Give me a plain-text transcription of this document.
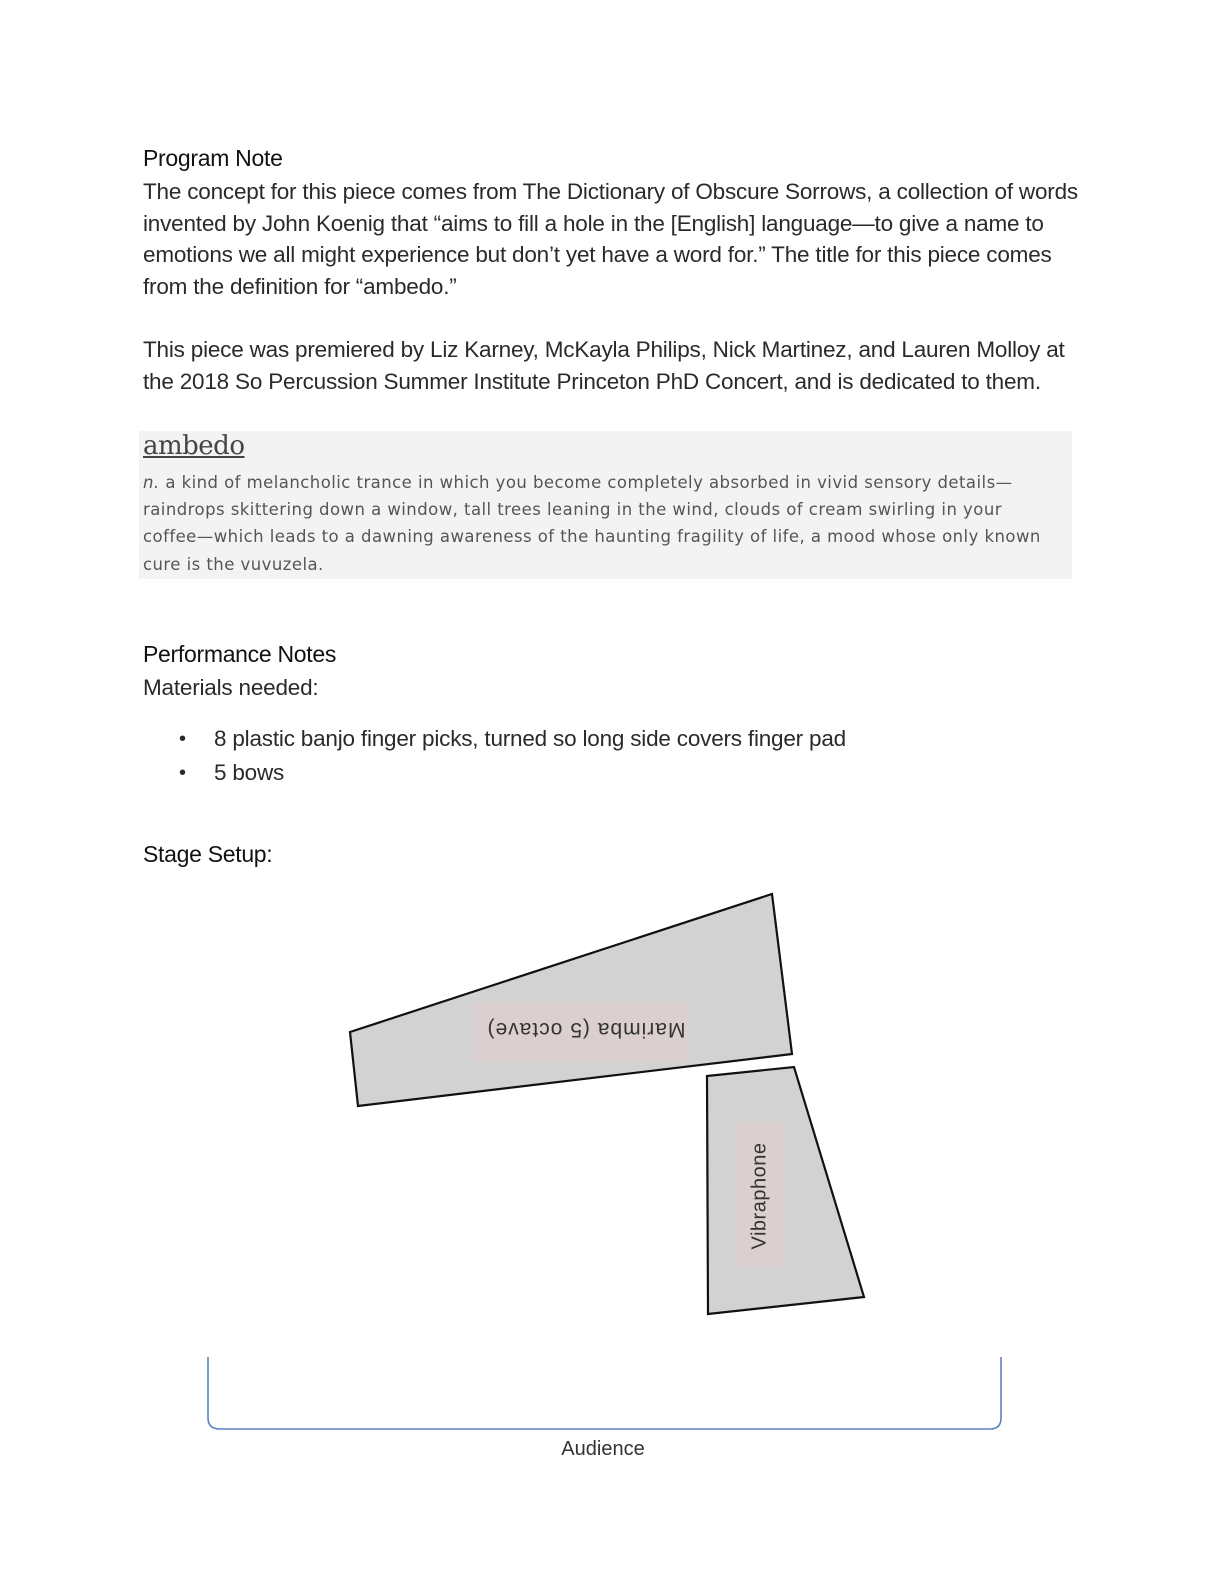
Program Note
The concept for this piece comes from The Dictionary of Obscure Sorrows, a collection of words invented by John Koenig that “aims to fill a hole in the [English] language—to give a name to emotions we all might experience but don’t yet have a word for.” The title for this piece comes from the definition for “ambedo.”
This piece was premiered by Liz Karney, McKayla Philips, Nick Martinez, and Lauren Molloy at the 2018 So Percussion Summer Institute Princeton PhD Concert, and is dedicated to them.
ambedo
n. a kind of melancholic trance in which you become completely absorbed in vivid sensory details—raindrops skittering down a window, tall trees leaning in the wind, clouds of cream swirling in your coffee—which leads to a dawning awareness of the haunting fragility of life, a mood whose only known cure is the vuvuzela.
Performance Notes
Materials needed:
• 8 plastic banjo finger picks, turned so long side covers finger pad
• 5 bows
Stage Setup:
Marimba (5 octave)
Vibraphone
Audience
